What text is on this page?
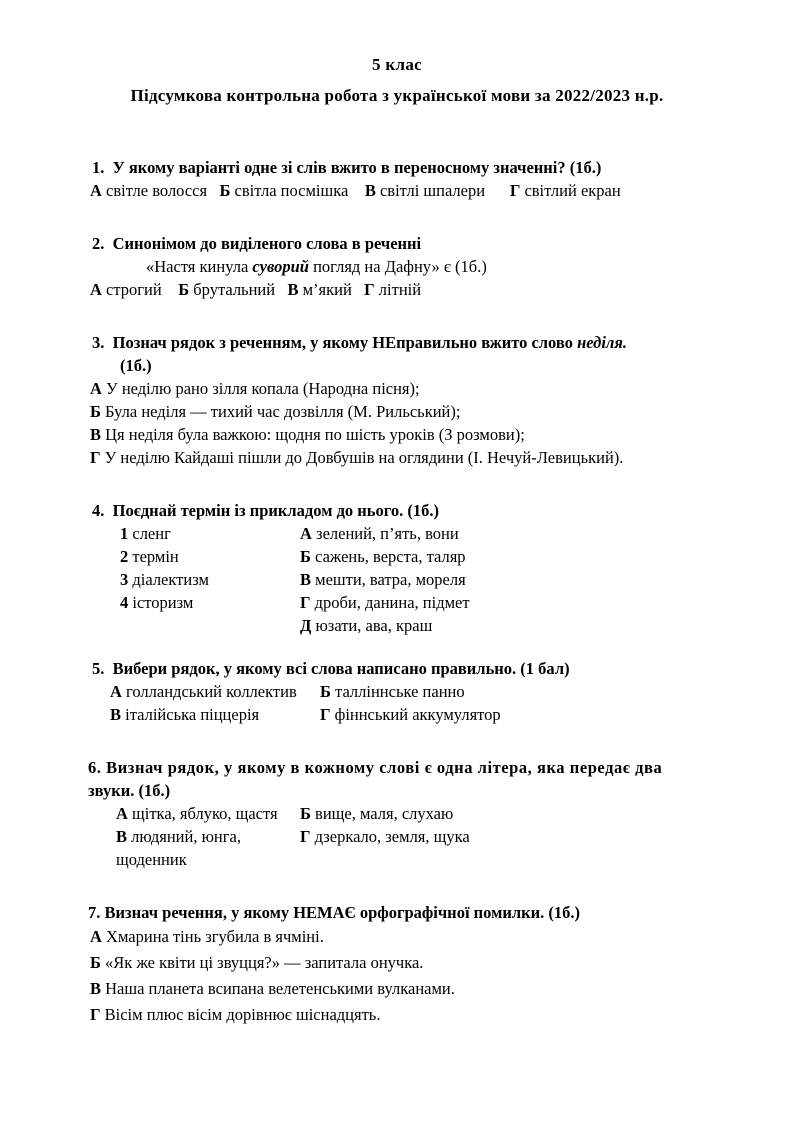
5 клас
Підсумкова контрольна робота з української мови за 2022/2023 н.р.
1. У якому варіанті одне зі слів вжито в переносному значенні? (1б.)
А світле волосся Б світла посмішка В світлі шпалери Г світлий екран
2. Синонімом до виділеного слова в реченні
«Настя кинула суворий погляд на Дафну» є (1б.)
А строгий Б брутальний В м’який Г літній
3. Познач рядок з реченням, у якому НЕправильно вжито слово неділя.
(1б.)
А У неділю рано зілля копала (Народна пісня);
Б Була неділя — тихий час дозвілля (М. Рильський);
В Ця неділя була важкою: щодня по шість уроків (З розмови);
Г У неділю Кайдаші пішли до Довбушів на оглядини (І. Нечуй-Левицький).
4. Поєднай термін із прикладом до нього. (1б.)
1 сленг	А зелений, п’ять, вони
2 термін	Б сажень, верста, таляр
3 діалектизм	В мешти, ватра, мореля
4 історизм	Г дроби, данина, підмет

Д юзати, ава, краш
5. Вибери рядок, у якому всі слова написано правильно. (1 бал)
А голландський коллектив	Б талліннське панно
В італійська піццерія	Г фіннський аккумулятор
6. Визнач рядок, у якому в кожному слові є одна літера, яка передає два
звуки. (1б.)
А щітка, яблуко, щастя	Б вище, маля, слухаю
В людяний, юнга, щоденник
Г дзеркало, земля, щука
7. Визнач речення, у якому НЕМАЄ орфографічної помилки. (1б.)
А Хмарина тінь згубила в ячміні.
Б «Як же квіти ці звуцця?» — запитала онучка.
В Наша планета всипана велетенськими вулканами.
Г Вісім плюс вісім дорівнює шіснадцять.
